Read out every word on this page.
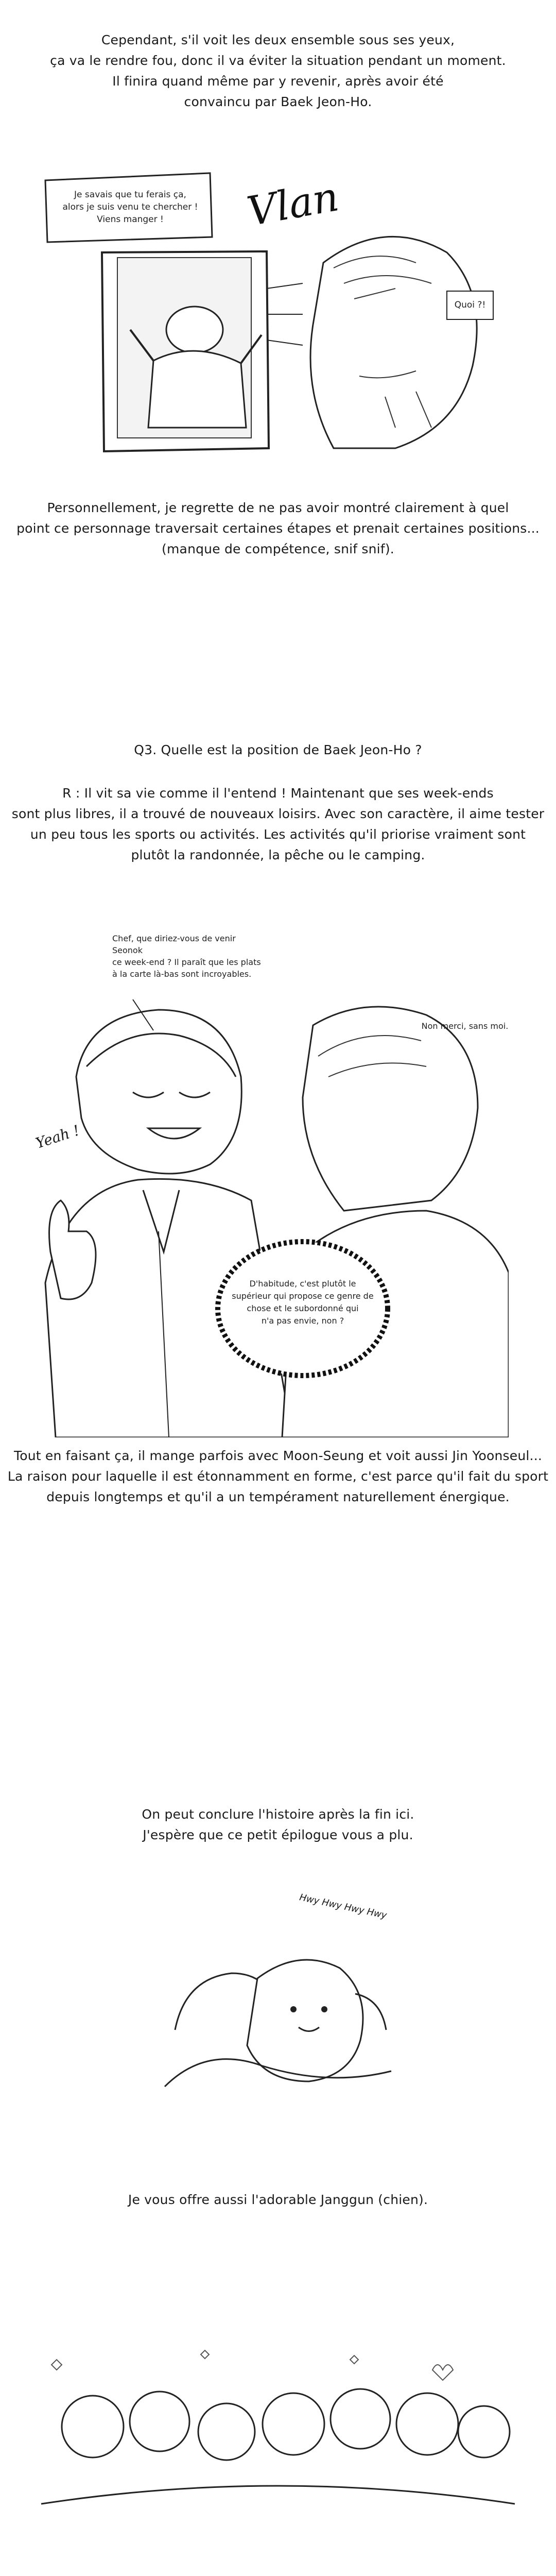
Cependant, s'il voit les deux ensemble sous ses yeux,
ça va le rendre fou, donc il va éviter la situation pendant un moment.
Il finira quand même par y revenir, après avoir été
convaincu par Baek Jeon-Ho.
Je savais que tu ferais ça,
alors je suis venu te chercher !
Viens manger !	Vlan
Quoi ?!
Personnellement, je regrette de ne pas avoir montré clairement à quel
point ce personnage traversait certaines étapes et prenait certaines positions...
(manque de compétence, snif snif).
Q3. Quelle est la position de Baek Jeon-Ho ?
R : Il vit sa vie comme il l'entend ! Maintenant que ses week-ends
sont plus libres, il a trouvé de nouveaux loisirs. Avec son caractère, il aime tester
un peu tous les sports ou activités. Les activités qu'il priorise vraiment sont
plutôt la randonnée, la pêche ou le camping.
Chef, que diriez-vous de venir Seonok
ce week-end ? Il paraît que les plats
à la carte là-bas sont incroyables.
Non merci, sans moi.
Yeah !
D'habitude, c'est plutôt le
supérieur qui propose ce genre de
chose et le subordonné qui
n'a pas envie, non ?
Tout en faisant ça, il mange parfois avec Moon-Seung et voit aussi Jin Yoonseul...
La raison pour laquelle il est étonnamment en forme, c'est parce qu'il fait du sport
depuis longtemps et qu'il a un tempérament naturellement énergique.
On peut conclure l'histoire après la fin ici.
J'espère que ce petit épilogue vous a plu.
Hwy Hwy Hwy Hwy
Je vous offre aussi l'adorable Janggun (chien).
